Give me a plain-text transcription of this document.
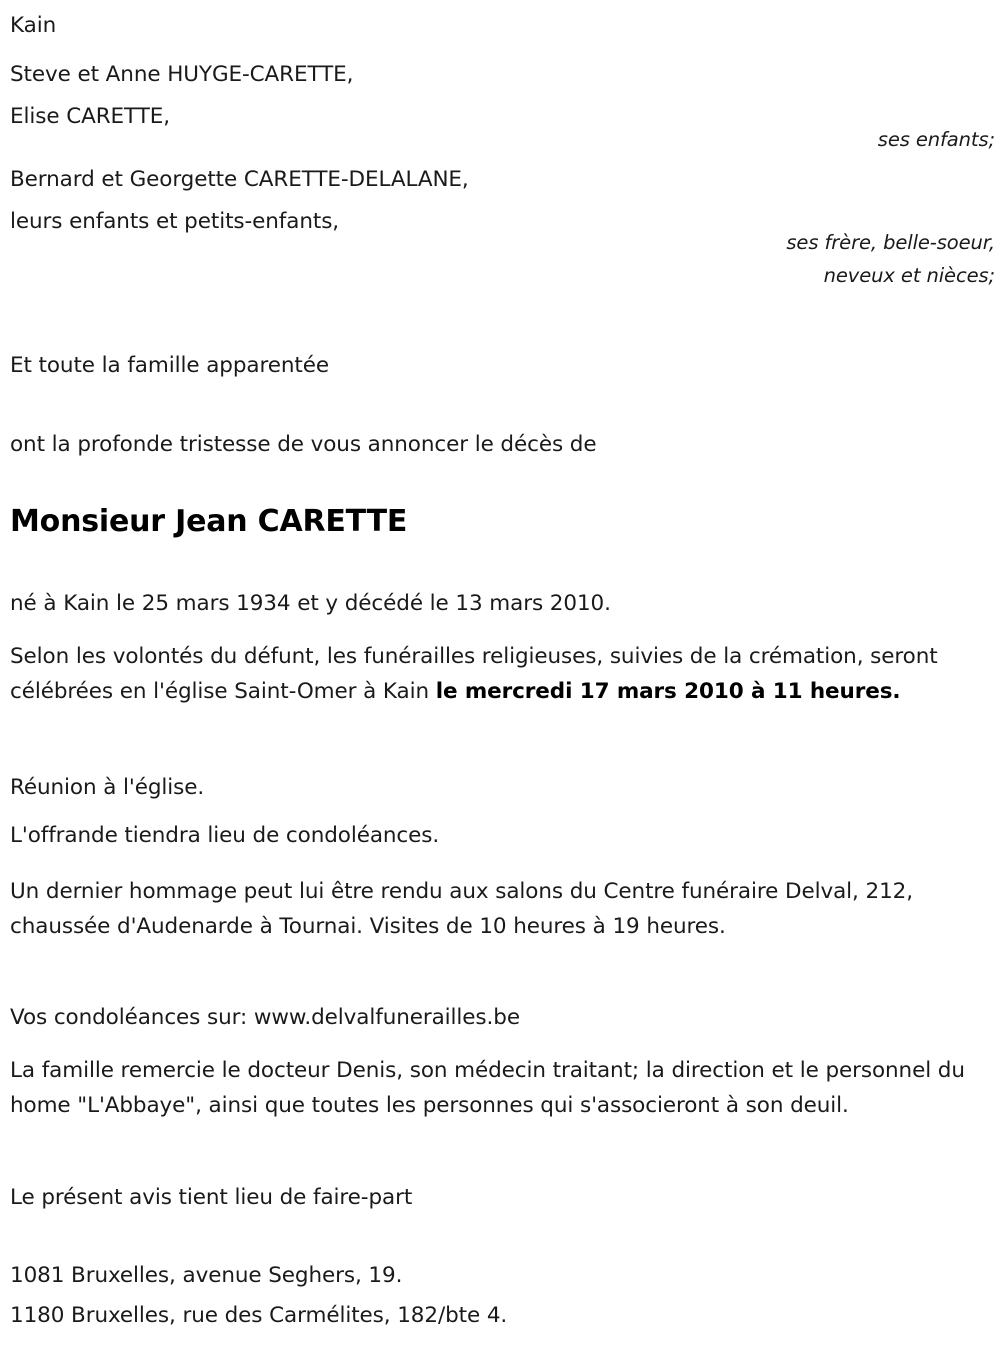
Kain
Steve et Anne HUYGE-CARETTE,
Elise CARETTE,
ses enfants;
Bernard et Georgette CARETTE-DELALANE,
leurs enfants et petits-enfants,
ses frère, belle-soeur, neveux et nièces;
Et toute la famille apparentée
ont la profonde tristesse de vous annoncer le décès de
Monsieur Jean CARETTE
né à Kain le 25 mars 1934 et y décédé le 13 mars 2010.
Selon les volontés du défunt, les funérailles religieuses, suivies de la crémation, seront célébrées en l'église Saint-Omer à Kain le mercredi 17 mars 2010 à 11 heures.
Réunion à l'église.
L'offrande tiendra lieu de condoléances.
Un dernier hommage peut lui être rendu aux salons du Centre funéraire Delval, 212, chaussée d'Audenarde à Tournai. Visites de 10 heures à 19 heures.
Vos condoléances sur: www.delvalfunerailles.be
La famille remercie le docteur Denis, son médecin traitant; la direction et le personnel du home "L'Abbaye", ainsi que toutes les personnes qui s'associeront à son deuil.
Le présent avis tient lieu de faire-part
1081 Bruxelles, avenue Seghers, 19.
1180 Bruxelles, rue des Carmélites, 182/bte 4.
